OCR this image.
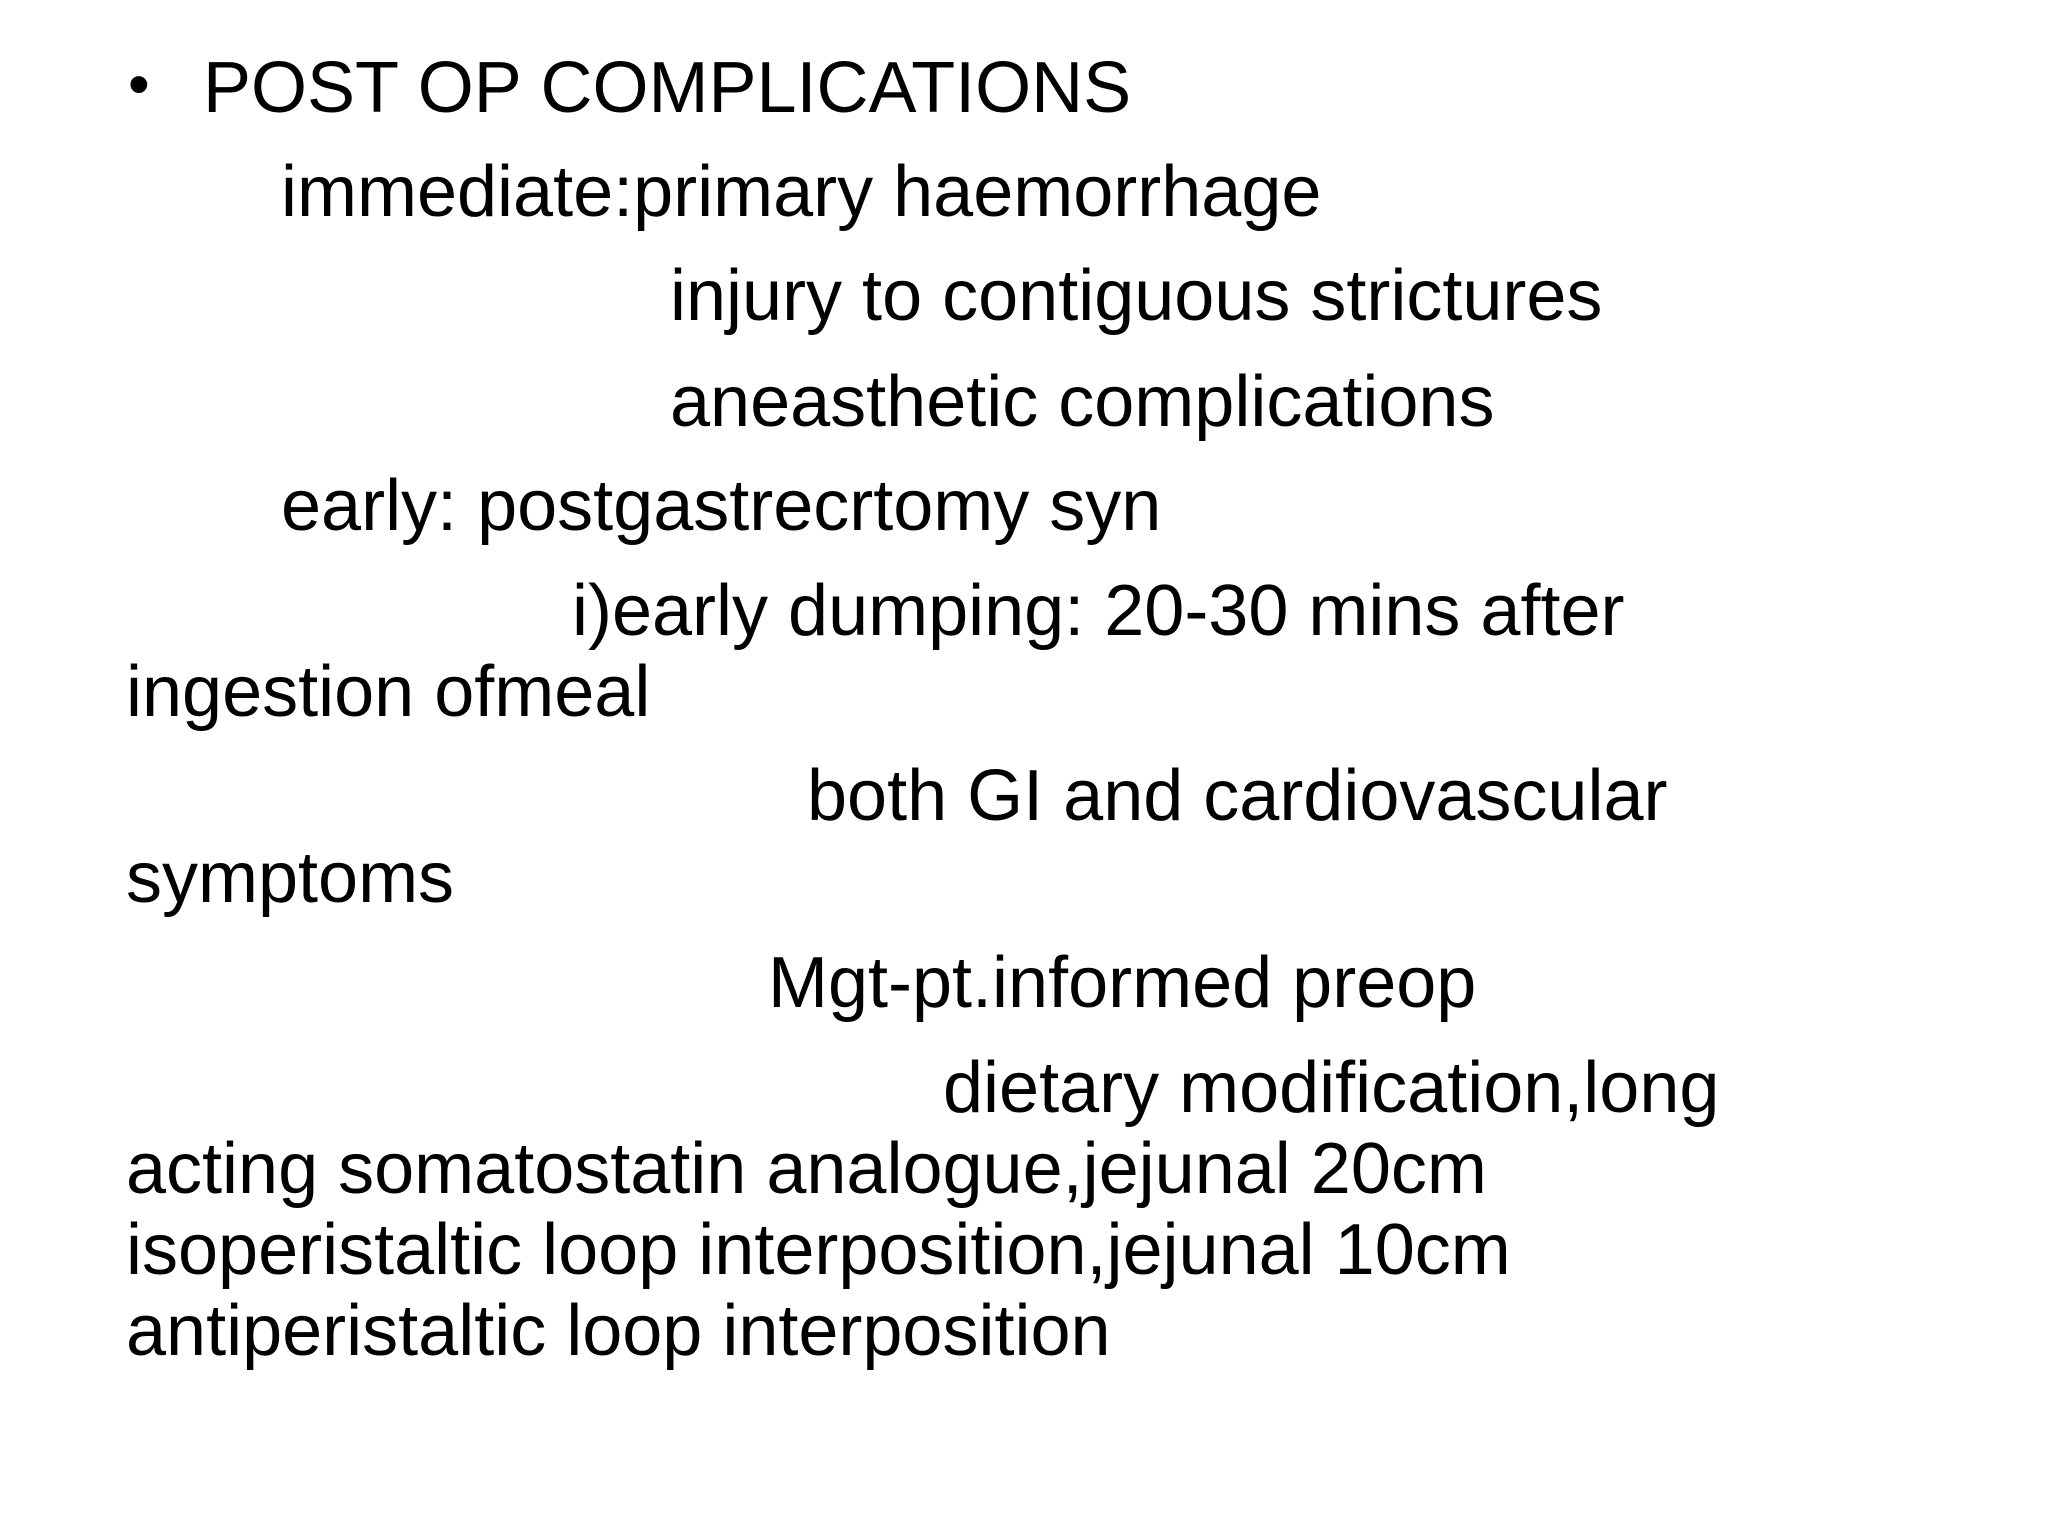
• POST OP COMPLICATIONS
immediate:primary haemorrhage
injury to contiguous strictures
aneasthetic complications
early: postgastrecrtomy syn
i)early dumping: 20-30 mins after
ingestion ofmeal
both GI and cardiovascular
symptoms
Mgt-pt.informed preop
dietary modification,long
acting somatostatin analogue,jejunal 20cm
isoperistaltic loop interposition,jejunal 10cm
antiperistaltic loop interposition
